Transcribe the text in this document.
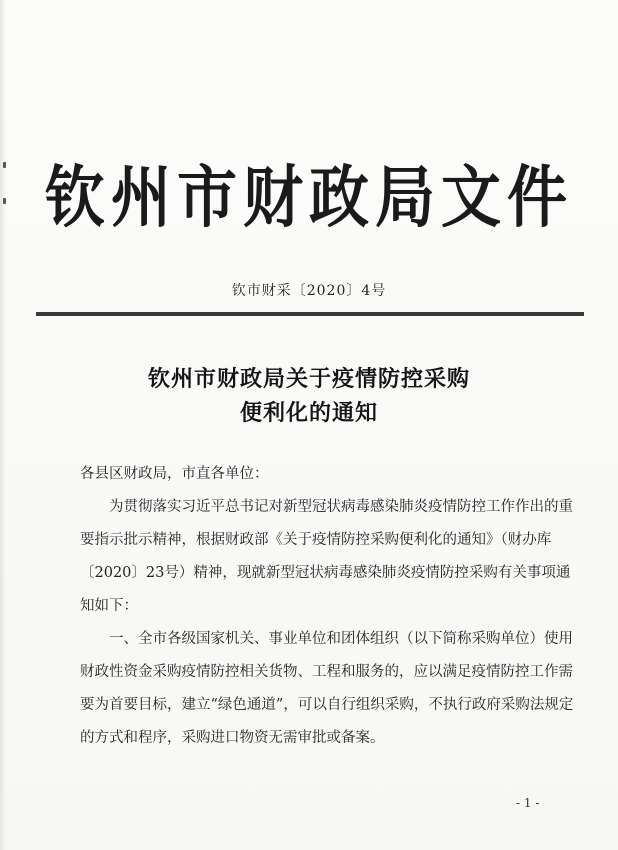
钦州市财政局文件
钦市财采〔2020〕4号
钦州市财政局关于疫情防控采购
便利化的通知

各县区财政局，市直各单位：

为贯彻落实习近平总书记对新型冠状病毒感染肺炎疫情防控工作作出的重要指示批示精神，根据财政部《关于疫情防控采购便利化的通知》（财办库〔2020〕23号）精神，现就新型冠状病毒感染肺炎疫情防控采购有关事项通知如下：

一、全市各级国家机关、事业单位和团体组织（以下简称采购单位）使用财政性资金采购疫情防控相关货物、工程和服务的，应以满足疫情防控工作需要为首要目标，建立“绿色通道”，可以自行组织采购，不执行政府采购法规定的方式和程序，采购进口物资无需审批或备案。

- 1 -
